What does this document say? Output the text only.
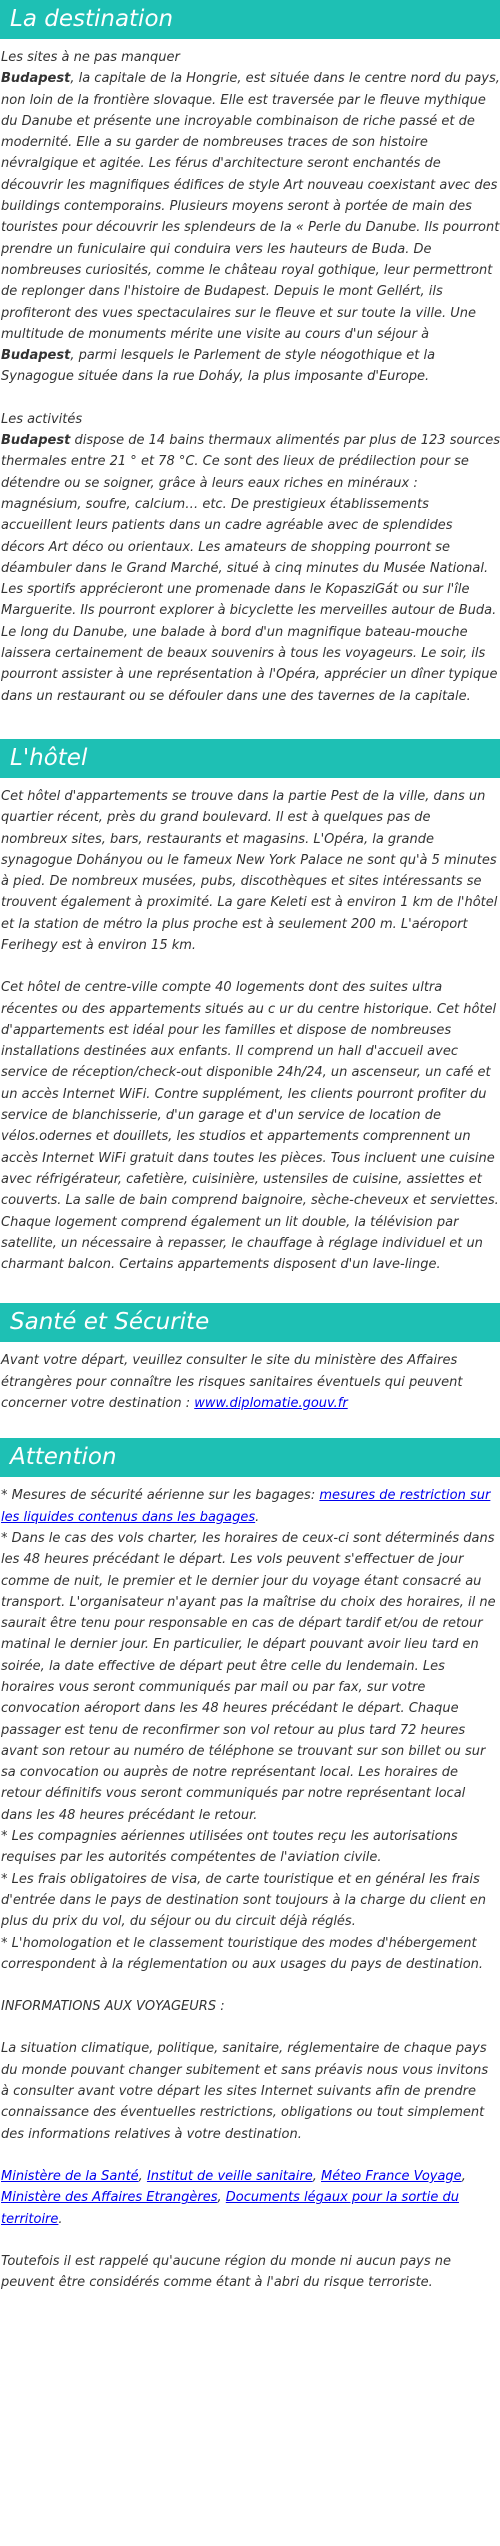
La destination
Les sites à ne pas manquer

Budapest, la capitale de la Hongrie, est située dans le centre nord du pays, non loin de la frontière slovaque. Elle est traversée par le fleuve mythique du Danube et présente une incroyable combinaison de riche passé et de modernité. Elle a su garder de nombreuses traces de son histoire névralgique et agitée. Les férus d'architecture seront enchantés de découvrir les magnifiques édifices de style Art nouveau coexistant avec des buildings contemporains. Plusieurs moyens seront à portée de main des touristes pour découvrir les splendeurs de la « Perle du Danube. Ils pourront prendre un funiculaire qui conduira vers les hauteurs de Buda. De nombreuses curiosités, comme le château royal gothique, leur permettront de replonger dans l'histoire de Budapest. Depuis le mont Gellért, ils profiteront des vues spectaculaires sur le fleuve et sur toute la ville. Une multitude de monuments mérite une visite au cours d'un séjour à Budapest, parmi lesquels le Parlement de style néogothique et la Synagogue située dans la rue Doháy, la plus imposante d'Europe.

Les activités

Budapest dispose de 14 bains thermaux alimentés par plus de 123 sources thermales entre 21 ° et 78 °C. Ce sont des lieux de prédilection pour se détendre ou se soigner, grâce à leurs eaux riches en minéraux : magnésium, soufre, calcium… etc. De prestigieux établissements accueillent leurs patients dans un cadre agréable avec de splendides décors Art déco ou orientaux. Les amateurs de shopping pourront se déambuler dans le Grand Marché, situé à cinq minutes du Musée National. Les sportifs apprécieront une promenade dans le KopasziGát ou sur l'île Marguerite. Ils pourront explorer à bicyclette les merveilles autour de Buda. Le long du Danube, une balade à bord d'un magnifique bateau-mouche laissera certainement de beaux souvenirs à tous les voyageurs. Le soir, ils pourront assister à une représentation à l'Opéra, apprécier un dîner typique dans un restaurant ou se défouler dans une des tavernes de la capitale.

L'hôtel

Cet hôtel d'appartements se trouve dans la partie Pest de la ville, dans un quartier récent, près du grand boulevard. Il est à quelques pas de nombreux sites, bars, restaurants et magasins. L'Opéra, la grande synagogue Dohányou ou le fameux New York Palace ne sont qu'à 5 minutes à pied. De nombreux musées, pubs, discothèques et sites intéressants se trouvent également à proximité. La gare Keleti est à environ 1 km de l'hôtel et la station de métro la plus proche est à seulement 200 m. L'aéroport Ferihegy est à environ 15 km.

Cet hôtel de centre-ville compte 40 logements dont des suites ultra récentes ou des appartements situés au c ur du centre historique. Cet hôtel d'appartements est idéal pour les familles et dispose de nombreuses installations destinées aux enfants. Il comprend un hall d'accueil avec service de réception/check-out disponible 24h/24, un ascenseur, un café et un accès Internet WiFi. Contre supplément, les clients pourront profiter du service de blanchisserie, d'un garage et d'un service de location de vélos.odernes et douillets, les studios et appartements comprennent un accès Internet WiFi gratuit dans toutes les pièces. Tous incluent une cuisine avec réfrigérateur, cafetière, cuisinière, ustensiles de cuisine, assiettes et couverts. La salle de bain comprend baignoire, sèche-cheveux et serviettes. Chaque logement comprend également un lit double, la télévision par satellite, un nécessaire à repasser, le chauffage à réglage individuel et un charmant balcon. Certains appartements disposent d'un lave-linge.

Santé et Sécurite

Avant votre départ, veuillez consulter le site du ministère des Affaires étrangères pour connaître les risques sanitaires éventuels qui peuvent concerner votre destination : www.diplomatie.gouv.fr

Attention
* Mesures de sécurité aérienne sur les bagages: mesures de restriction sur les liquides contenus dans les bagages.
* Dans le cas des vols charter, les horaires de ceux-ci sont déterminés dans les 48 heures précédant le départ. Les vols peuvent s'effectuer de jour comme de nuit, le premier et le dernier jour du voyage étant consacré au transport. L'organisateur n'ayant pas la maîtrise du choix des horaires, il ne saurait être tenu pour responsable en cas de départ tardif et/ou de retour matinal le dernier jour. En particulier, le départ pouvant avoir lieu tard en soirée, la date effective de départ peut être celle du lendemain. Les horaires vous seront communiqués par mail ou par fax, sur votre convocation aéroport dans les 48 heures précédant le départ. Chaque passager est tenu de reconfirmer son vol retour au plus tard 72 heures avant son retour au numéro de téléphone se trouvant sur son billet ou sur sa convocation ou auprès de notre représentant local. Les horaires de retour définitifs vous seront communiqués par notre représentant local dans les 48 heures précédant le retour.
* Les compagnies aériennes utilisées ont toutes reçu les autorisations requises par les autorités compétentes de l'aviation civile.
* Les frais obligatoires de visa, de carte touristique et en général les frais d'entrée dans le pays de destination sont toujours à la charge du client en plus du prix du vol, du séjour ou du circuit déjà réglés.

* L'homologation et le classement touristique des modes d'hébergement correspondent à la réglementation ou aux usages du pays de destination.

INFORMATIONS AUX VOYAGEURS :

La situation climatique, politique, sanitaire, réglementaire de chaque pays du monde pouvant changer subitement et sans préavis nous vous invitons à consulter avant votre départ les sites Internet suivants afin de prendre connaissance des éventuelles restrictions, obligations ou tout simplement des informations relatives à votre destination.

Ministère de la Santé, Institut de veille sanitaire, Méteo France Voyage, Ministère des Affaires Etrangères, Documents légaux pour la sortie du territoire.

Toutefois il est rappelé qu'aucune région du monde ni aucun pays ne peuvent être considérés comme étant à l'abri du risque terroriste.
